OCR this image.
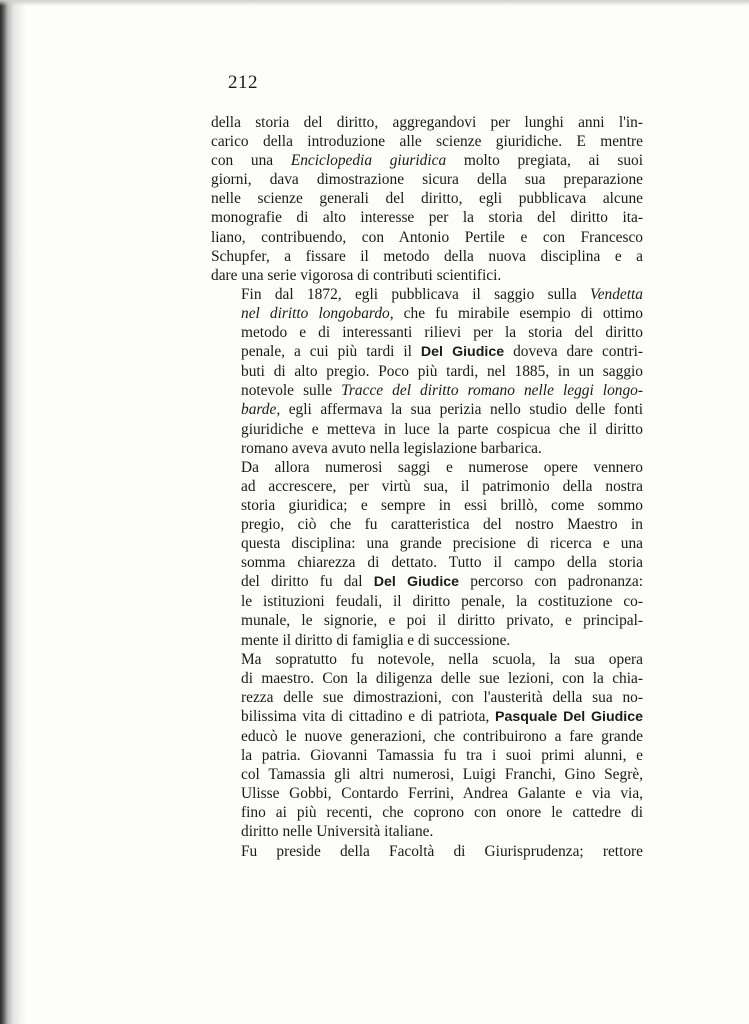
212

della storia del diritto, aggregandovi per lunghi anni l'in-
carico della introduzione alle scienze giuridiche. E mentre
con una Enciclopedia giuridica molto pregiata, ai suoi
giorni, dava dimostrazione sicura della sua preparazione
nelle scienze generali del diritto, egli pubblicava alcune
monografie di alto interesse per la storia del diritto ita-
liano, contribuendo, con Antonio Pertile e con Francesco
Schupfer, a fissare il metodo della nuova disciplina e a
dare una serie vigorosa di contributi scientifici.

Fin dal 1872, egli pubblicava il saggio sulla Vendetta
nel diritto longobardo, che fu mirabile esempio di ottimo
metodo e di interessanti rilievi per la storia del diritto
penale, a cui più tardi il Del Giudice doveva dare contri-
buti di alto pregio. Poco più tardi, nel 1885, in un saggio
notevole sulle Tracce del diritto romano nelle leggi longo-
barde, egli affermava la sua perizia nello studio delle fonti
giuridiche e metteva in luce la parte cospicua che il diritto
romano aveva avuto nella legislazione barbarica.

Da allora numerosi saggi e numerose opere vennero
ad accrescere, per virtù sua, il patrimonio della nostra
storia giuridica; e sempre in essi brillò, come sommo
pregio, ciò che fu caratteristica del nostro Maestro in
questa disciplina: una grande precisione di ricerca e una
somma chiarezza di dettato. Tutto il campo della storia
del diritto fu dal Del Giudice percorso con padronanza:
le istituzioni feudali, il diritto penale, la costituzione co-
munale, le signorie, e poi il diritto privato, e principal-
mente il diritto di famiglia e di successione.

Ma sopratutto fu notevole, nella scuola, la sua opera
di maestro. Con la diligenza delle sue lezioni, con la chia-
rezza delle sue dimostrazioni, con l'austerità della sua no-
bilissima vita di cittadino e di patriota, Pasquale Del Giudice
educò le nuove generazioni, che contribuirono a fare grande
la patria. Giovanni Tamassia fu tra i suoi primi alunni, e
col Tamassia gli altri numerosi, Luigi Franchi, Gino Segrè,
Ulisse Gobbi, Contardo Ferrini, Andrea Galante e via via,
fino ai più recenti, che coprono con onore le cattedre di
diritto nelle Università italiane.

Fu preside della Facoltà di Giurisprudenza; rettore
